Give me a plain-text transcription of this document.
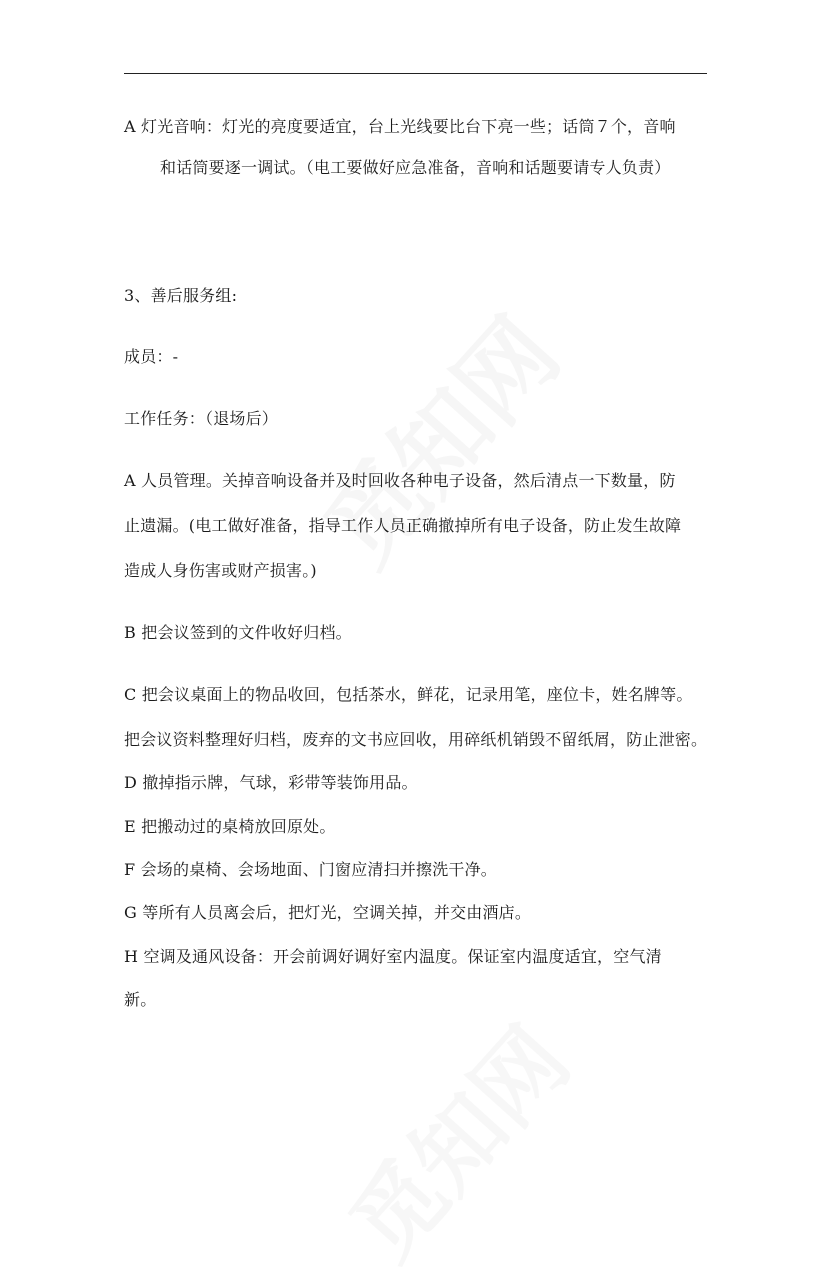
A 灯光音响：灯光的亮度要适宜，台上光线要比台下亮一些；话筒７个，音响
和话筒要逐一调试。（电工要做好应急准备，音响和话题要请专人负责）
3、善后服务组:
成员：-
工作任务：（退场后）
A 人员管理。关掉音响设备并及时回收各种电子设备，然后清点一下数量，防
止遗漏。(电工做好准备，指导工作人员正确撤掉所有电子设备，防止发生故障
造成人身伤害或财产损害。)
B 把会议签到的文件收好归档。
C 把会议桌面上的物品收回，包括茶水，鲜花，记录用笔，座位卡，姓名牌等。
把会议资料整理好归档，废弃的文书应回收，用碎纸机销毁不留纸屑，防止泄密。
D 撤掉指示牌，气球，彩带等装饰用品。
E 把搬动过的桌椅放回原处。
F 会场的桌椅、会场地面、门窗应清扫并擦洗干净。
G 等所有人员离会后，把灯光，空调关掉，并交由酒店。
H 空调及通风设备：开会前调好调好室内温度。保证室内温度适宜，空气清
新。
